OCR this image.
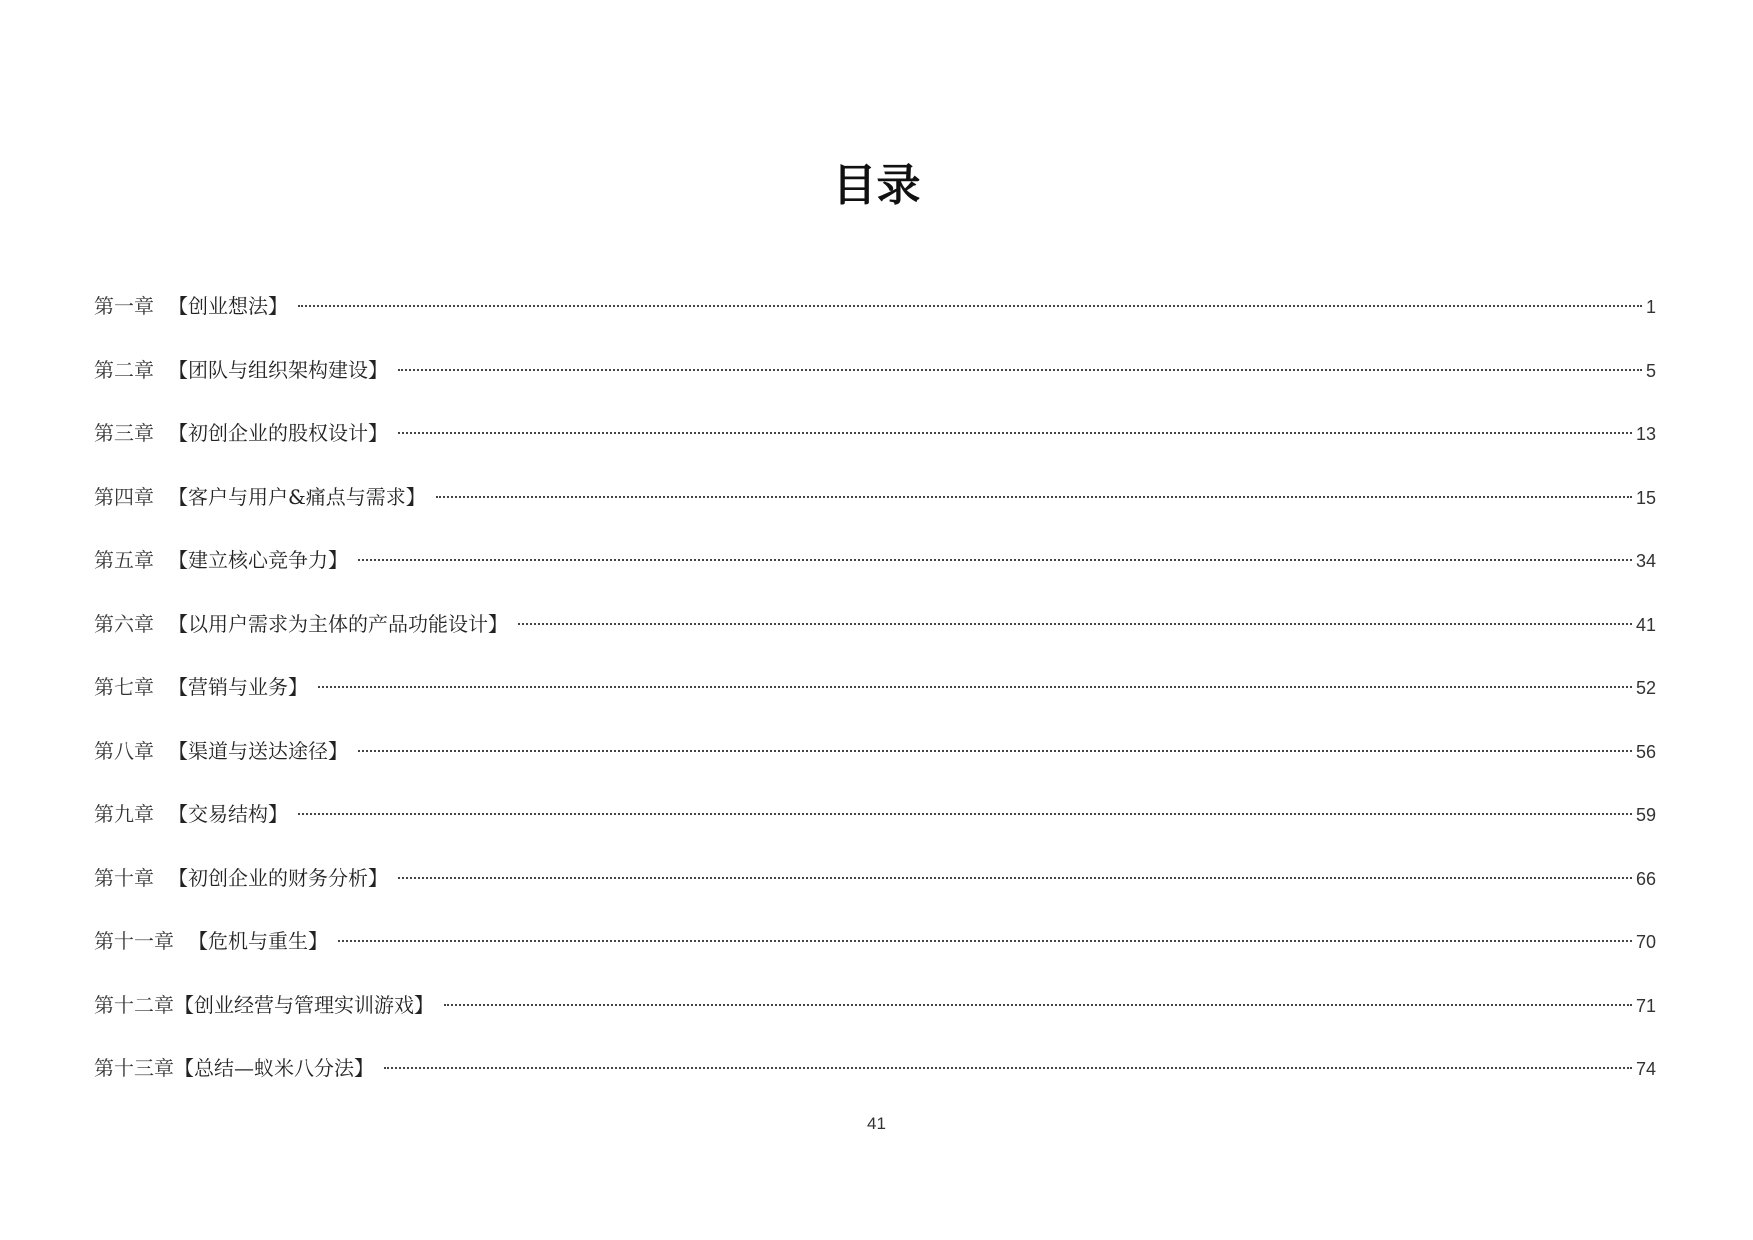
目录
第一章 【创业想法】	1
第二章 【团队与组织架构建设】	5
第三章 【初创企业的股权设计】	13
第四章 【客户与用户&痛点与需求】	15
第五章 【建立核心竞争力】	34
第六章 【以用户需求为主体的产品功能设计】	41
第七章 【营销与业务】	52
第八章 【渠道与送达途径】	56
第九章 【交易结构】	59
第十章 【初创企业的财务分析】	66
第十一章 【危机与重生】	70
第十二章 【创业经营与管理实训游戏】	71
第十三章 【总结—蚁米八分法】	74
41
